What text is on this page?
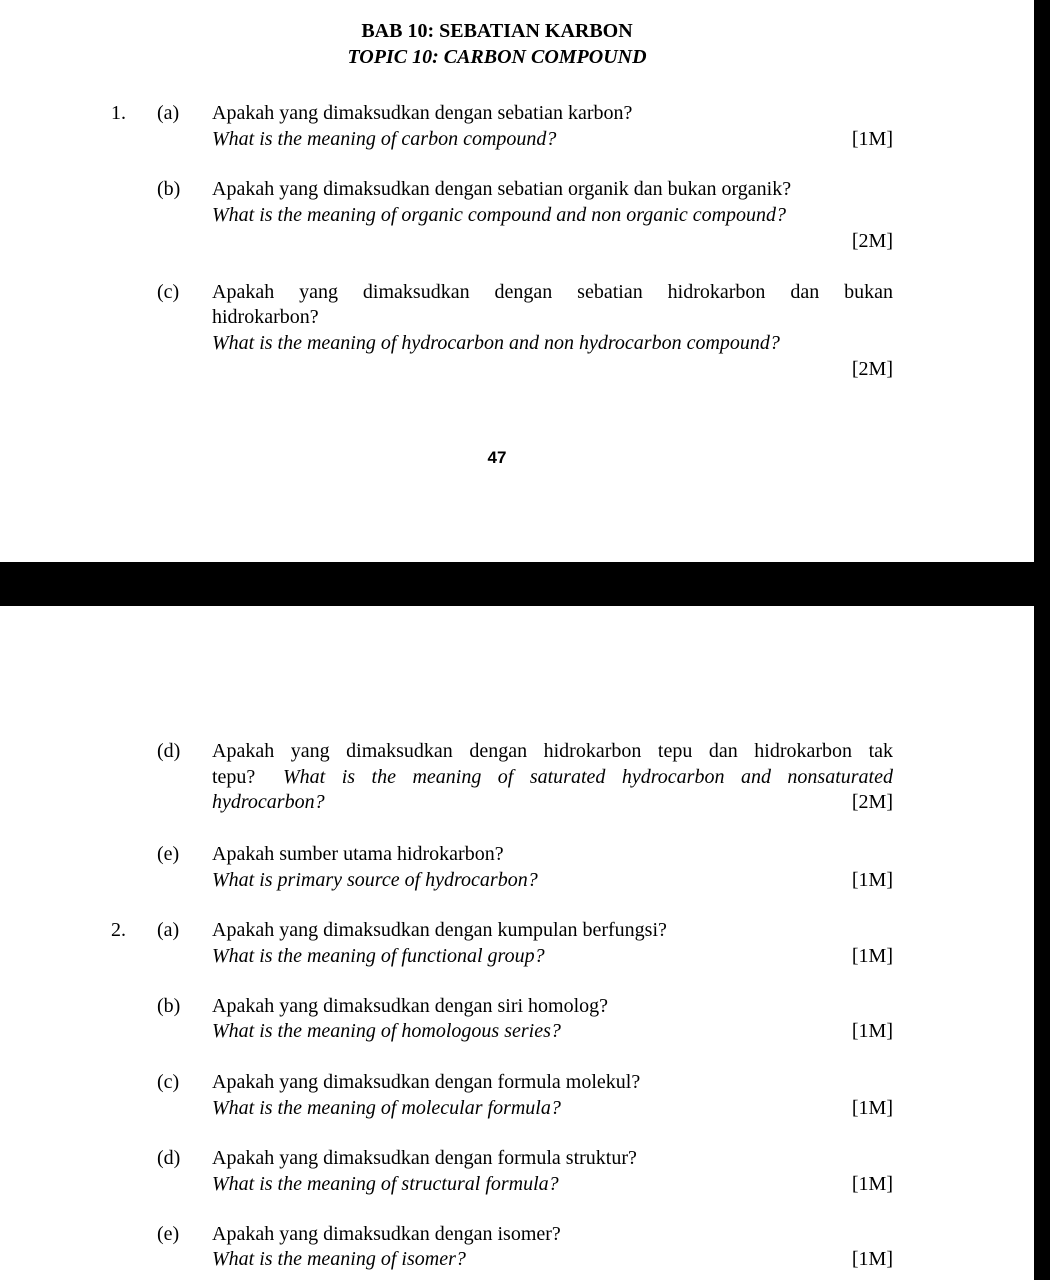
BAB 10: SEBATIAN KARBON
TOPIC 10: CARBON COMPOUND
1. (a) Apakah yang dimaksudkan dengan sebatian karbon?
What is the meaning of carbon compound?	[1M]
(b) Apakah yang dimaksudkan dengan sebatian organik dan bukan organik?
What is the meaning of organic compound and non organic compound?
[2M]
(c) Apakah yang dimaksudkan dengan sebatian hidrokarbon dan bukan
hidrokarbon?
What is the meaning of hydrocarbon and non hydrocarbon compound?
[2M]
47
(d) Apakah yang dimaksudkan dengan hidrokarbon tepu dan hidrokarbon tak
tepu? What is the meaning of saturated hydrocarbon and nonsaturated
hydrocarbon?	[2M]
(e) Apakah sumber utama hidrokarbon?
What is primary source of hydrocarbon?	[1M]
2. (a) Apakah yang dimaksudkan dengan kumpulan berfungsi?
What is the meaning of functional group?	[1M]
(b) Apakah yang dimaksudkan dengan siri homolog?
What is the meaning of homologous series?	[1M]
(c) Apakah yang dimaksudkan dengan formula molekul?
What is the meaning of molecular formula?	[1M]
(d) Apakah yang dimaksudkan dengan formula struktur?
What is the meaning of structural formula?	[1M]
(e) Apakah yang dimaksudkan dengan isomer?
What is the meaning of isomer?	[1M]
